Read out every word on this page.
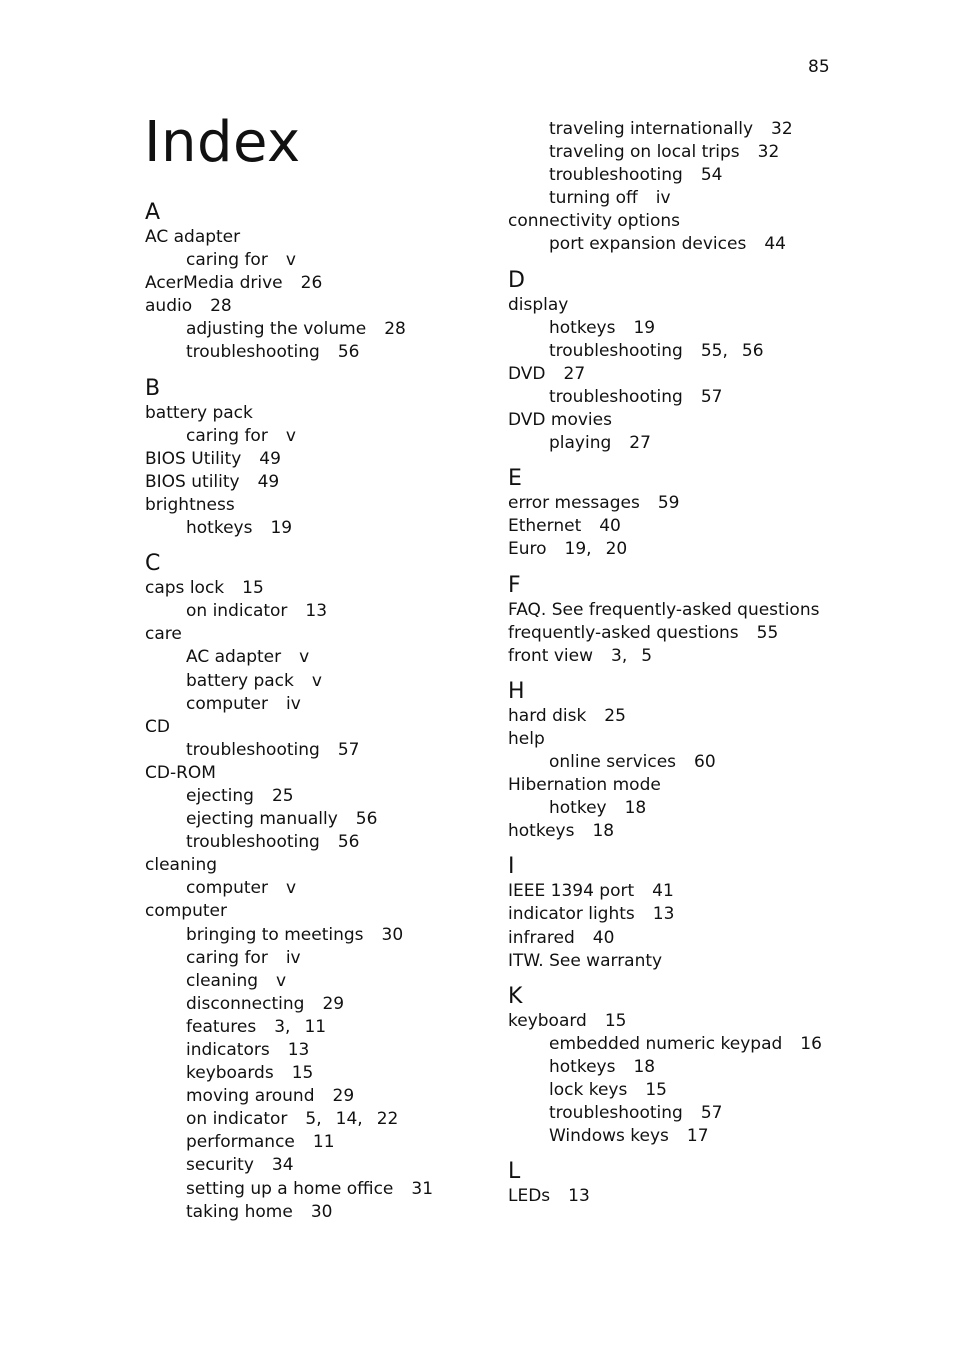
85
Index
A
AC adapter
caring for v
AcerMedia drive 26
audio 28
adjusting the volume 28
troubleshooting 56
B
battery pack
caring for v
BIOS Utility 49
BIOS utility 49
brightness
hotkeys 19
C
caps lock 15
on indicator 13
care
AC adapter v
battery pack v
computer iv
CD
troubleshooting 57
CD-ROM
ejecting 25
ejecting manually 56
troubleshooting 56
cleaning
computer v
computer
bringing to meetings 30
caring for iv
cleaning v
disconnecting 29
features 3, 11
indicators 13
keyboards 15
moving around 29
on indicator 5, 14, 22
performance 11
security 34
setting up a home office 31
taking home 30
traveling internationally 32
traveling on local trips 32
troubleshooting 54
turning off iv
connectivity options
port expansion devices 44
D
display
hotkeys 19
troubleshooting 55, 56
DVD 27
troubleshooting 57
DVD movies
playing 27
E
error messages 59
Ethernet 40
Euro 19, 20
F
FAQ. See frequently-asked questions
frequently-asked questions 55
front view 3, 5
H
hard disk 25
help
online services 60
Hibernation mode
hotkey 18
hotkeys 18
I
IEEE 1394 port 41
indicator lights 13
infrared 40
ITW. See warranty
K
keyboard 15
embedded numeric keypad 16
hotkeys 18
lock keys 15
troubleshooting 57
Windows keys 17
L
LEDs 13
